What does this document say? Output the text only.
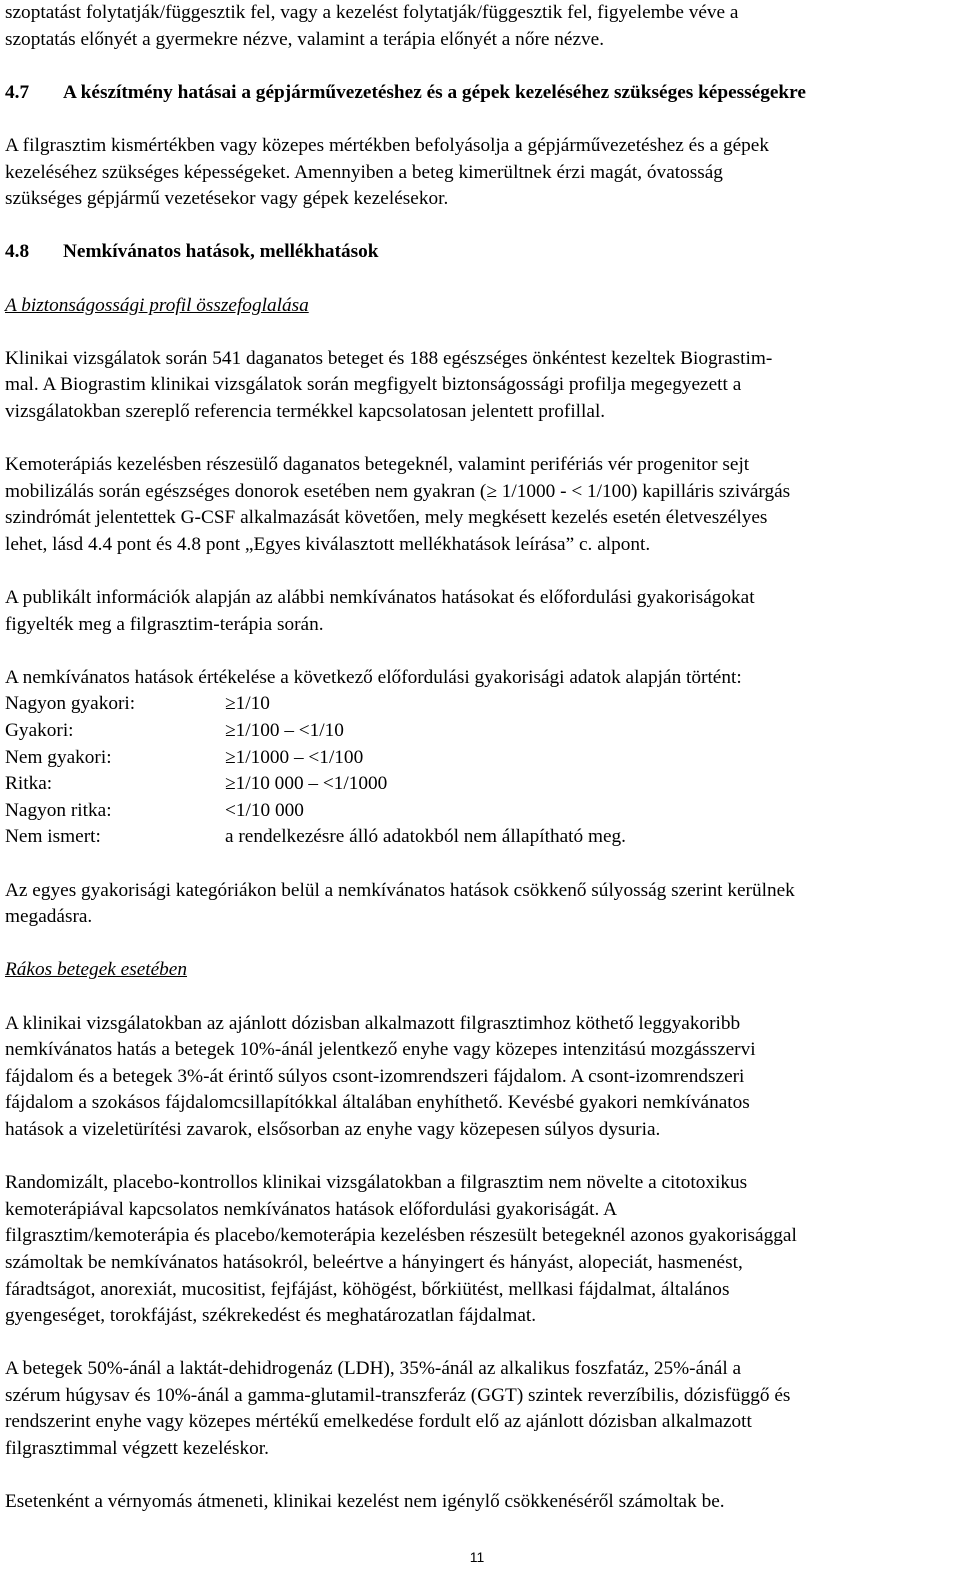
szoptatást folytatják/függesztik fel, vagy a kezelést folytatják/függesztik fel, figyelembe véve a
szoptatás előnyét a gyermekre nézve, valamint a terápia előnyét a nőre nézve.

4.7 A készítmény hatásai a gépjárművezetéshez és a gépek kezeléséhez szükséges képességekre

A filgrasztim kismértékben vagy közepes mértékben befolyásolja a gépjárművezetéshez és a gépek
kezeléséhez szükséges képességeket. Amennyiben a beteg kimerültnek érzi magát, óvatosság
szükséges gépjármű vezetésekor vagy gépek kezelésekor.

4.8 Nemkívánatos hatások, mellékhatások

A biztonságossági profil összefoglalása

Klinikai vizsgálatok során 541 daganatos beteget és 188 egészséges önkéntest kezeltek Biograstim-
mal. A Biograstim klinikai vizsgálatok során megfigyelt biztonságossági profilja megegyezett a
vizsgálatokban szereplő referencia termékkel kapcsolatosan jelentett profillal.

Kemoterápiás kezelésben részesülő daganatos betegeknél, valamint perifériás vér progenitor sejt
mobilizálás során egészséges donorok esetében nem gyakran (≥ 1/1000 - < 1/100) kapilláris szivárgás
szindrómát jelentettek G-CSF alkalmazását követően, mely megkésett kezelés esetén életveszélyes
lehet, lásd 4.4 pont és 4.8 pont „Egyes kiválasztott mellékhatások leírása” c. alpont.

A publikált információk alapján az alábbi nemkívánatos hatásokat és előfordulási gyakoriságokat
figyelték meg a filgrasztim-terápia során.

A nemkívánatos hatások értékelése a következő előfordulási gyakorisági adatok alapján történt:

Nagyon gyakori:	≥1/10
Gyakori:	≥1/100 – <1/10
Nem gyakori:	≥1/1000 – <1/100
Ritka:	≥1/10 000 – <1/1000
Nagyon ritka:	<1/10 000
Nem ismert:	a rendelkezésre álló adatokból nem állapítható meg.

Az egyes gyakorisági kategóriákon belül a nemkívánatos hatások csökkenő súlyosság szerint kerülnek
megadásra.

Rákos betegek esetében

A klinikai vizsgálatokban az ajánlott dózisban alkalmazott filgrasztimhoz köthető leggyakoribb
nemkívánatos hatás a betegek 10%-ánál jelentkező enyhe vagy közepes intenzitású mozgásszervi
fájdalom és a betegek 3%-át érintő súlyos csont-izomrendszeri fájdalom. A csont-izomrendszeri
fájdalom a szokásos fájdalomcsillapítókkal általában enyhíthető. Kevésbé gyakori nemkívánatos
hatások a vizeletürítési zavarok, elsősorban az enyhe vagy közepesen súlyos dysuria.

Randomizált, placebo-kontrollos klinikai vizsgálatokban a filgrasztim nem növelte a citotoxikus
kemoterápiával kapcsolatos nemkívánatos hatások előfordulási gyakoriságát. A
filgrasztim/kemoterápia és placebo/kemoterápia kezelésben részesült betegeknél azonos gyakorisággal
számoltak be nemkívánatos hatásokról, beleértve a hányingert és hányást, alopeciát, hasmenést,
fáradtságot, anorexiát, mucositist, fejfájást, köhögést, bőrkiütést, mellkasi fájdalmat, általános
gyengeséget, torokfájást, székrekedést és meghatározatlan fájdalmat.

A betegek 50%-ánál a laktát-dehidrogenáz (LDH), 35%-ánál az alkalikus foszfatáz, 25%-ánál a
szérum húgysav és 10%-ánál a gamma-glutamil-transzferáz (GGT) szintek reverzíbilis, dózisfüggő és
rendszerint enyhe vagy közepes mértékű emelkedése fordult elő az ajánlott dózisban alkalmazott
filgrasztimmal végzett kezeléskor.

Esetenként a vérnyomás átmeneti, klinikai kezelést nem igénylő csökkenéséről számoltak be.

11
